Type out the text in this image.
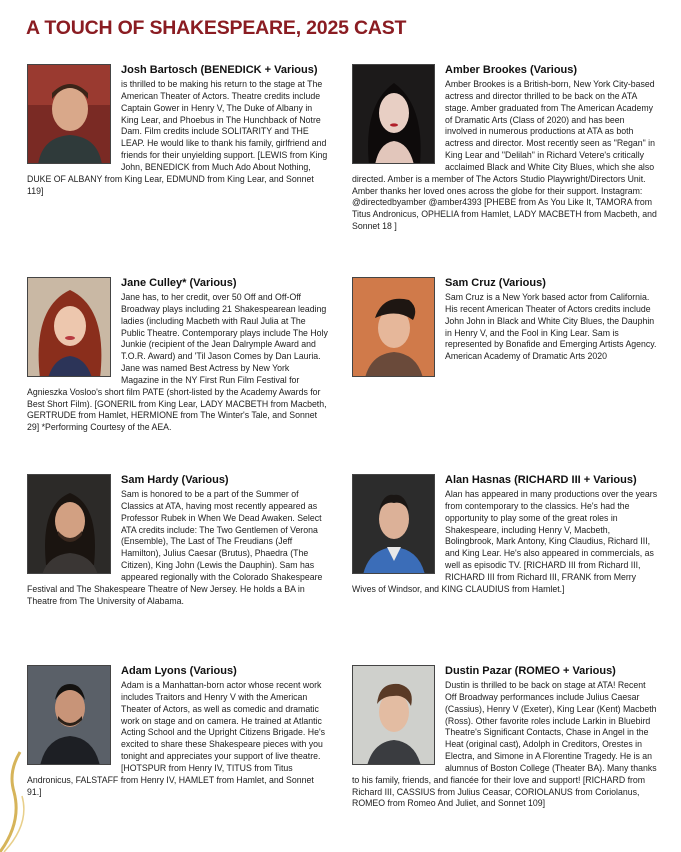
A TOUCH OF SHAKESPEARE, 2025 CAST
Josh Bartosch (BENEDICK + Various)
is thrilled to be making his return to the stage at The American Theater of Actors. Theatre credits include Captain Gower in Henry V, The Duke of Albany in King Lear, and Phoebus in The Hunchback of Notre Dam. Film credits include SOLITARITY and THE LEAP. He would like to thank his family, girlfriend and friends for their unyielding support. [LEWIS from King John, BENEDICK from Much Ado About Nothing, DUKE OF ALBANY from King Lear, EDMUND from King Lear, and Sonnet 119]
Amber Brookes (Various)
Amber Brookes is a British-born, New York City-based actress and director thrilled to be back on the ATA stage. Amber graduated from The American Academy of Dramatic Arts (Class of 2020) and has been involved in numerous productions at ATA as both actress and director. Most recently seen as "Regan" in King Lear and "Delilah" in Richard Vetere's critically acclaimed Black and White City Blues, which she also directed. Amber is a member of The Actors Studio Playwright/Directors Unit. Amber thanks her loved ones across the globe for their support. Instagram: @directedbyamber @amber4393 [PHEBE from As You Like It, TAMORA from Titus Andronicus, OPHELIA from Hamlet, LADY MACBETH from Macbeth, and Sonnet 18 ]
Jane Culley* (Various)
Jane has, to her credit, over 50 Off and Off-Off Broadway plays including 21 Shakespearean leading ladies (including Macbeth with Raul Julia at The Public Theatre. Contemporary plays include The Holy Junkie (recipient of the Jean Dalrymple Award and T.O.R. Award) and 'Til Jason Comes by Dan Lauria. Jane was named Best Actress by New York Magazine in the NY First Run Film Festival for Agnieszka Vosloo's short film PATE (short-listed by the Academy Awards for Best Short Film). [GONERIL from King Lear, LADY MACBETH from Macbeth, GERTRUDE from Hamlet, HERMIONE from The Winter's Tale, and Sonnet 29] *Performing Courtesy of the AEA.
Sam Cruz (Various)
Sam Cruz is a New York based actor from California. His recent American Theater of Actors credits include John John in Black and White City Blues, the Dauphin in Henry V, and the Fool in King Lear. Sam is represented by Bonafide and Emerging Artists Agency. American Academy of Dramatic Arts 2020
Sam Hardy (Various)
Sam is honored to be a part of the Summer of Classics at ATA, having most recently appeared as Professor Rubek in When We Dead Awaken. Select ATA credits include: The Two Gentlemen of Verona (Ensemble), The Last of The Freudians (Jeff Hamilton), Julius Caesar (Brutus), Phaedra (The Citizen), King John (Lewis the Dauphin). Sam has appeared regionally with the Colorado Shakespeare Festival and The Shakespeare Theatre of New Jersey. He holds a BA in Theatre from The University of Alabama.
Alan Hasnas (RICHARD III + Various)
Alan has appeared in many productions over the years from contemporary to the classics. He's had the opportunity to play some of the great roles in Shakespeare, including Henry V, Macbeth, Bolingbrook, Mark Antony, King Claudius, Richard III, and King Lear. He's also appeared in commercials, as well as episodic TV. [RICHARD III from Richard III, RICHARD III from Richard III, FRANK from Merry Wives of Windsor, and KING CLAUDIUS from Hamlet.]
Adam Lyons (Various)
Adam is a Manhattan-born actor whose recent work includes Traitors and Henry V with the American Theater of Actors, as well as comedic and dramatic work on stage and on camera. He trained at Atlantic Acting School and the Upright Citizens Brigade. He's excited to share these Shakespeare pieces with you tonight and appreciates your support of live theatre. [HOTSPUR from Henry IV, TITUS from Titus Andronicus, FALSTAFF from Henry IV, HAMLET from Hamlet, and Sonnet 91.]
Dustin Pazar (ROMEO + Various)
Dustin is thrilled to be back on stage at ATA! Recent Off Broadway performances include Julius Caesar (Cassius), Henry V (Exeter), King Lear (Kent) Macbeth (Ross). Other favorite roles include Larkin in Bluebird Theatre's Significant Contacts, Chase in Angel in the Heat (original cast), Adolph in Creditors, Orestes in Electra, and Simone in A Florentine Tragedy. He is an alumnus of Boston College (Theater BA). Many thanks to his family, friends, and fiancée for their love and support! [RICHARD from Richard III, CASSIUS from Julius Ceasar, CORIOLANUS from Coriolanus, ROMEO from Romeo And Juliet, and Sonnet 109]
